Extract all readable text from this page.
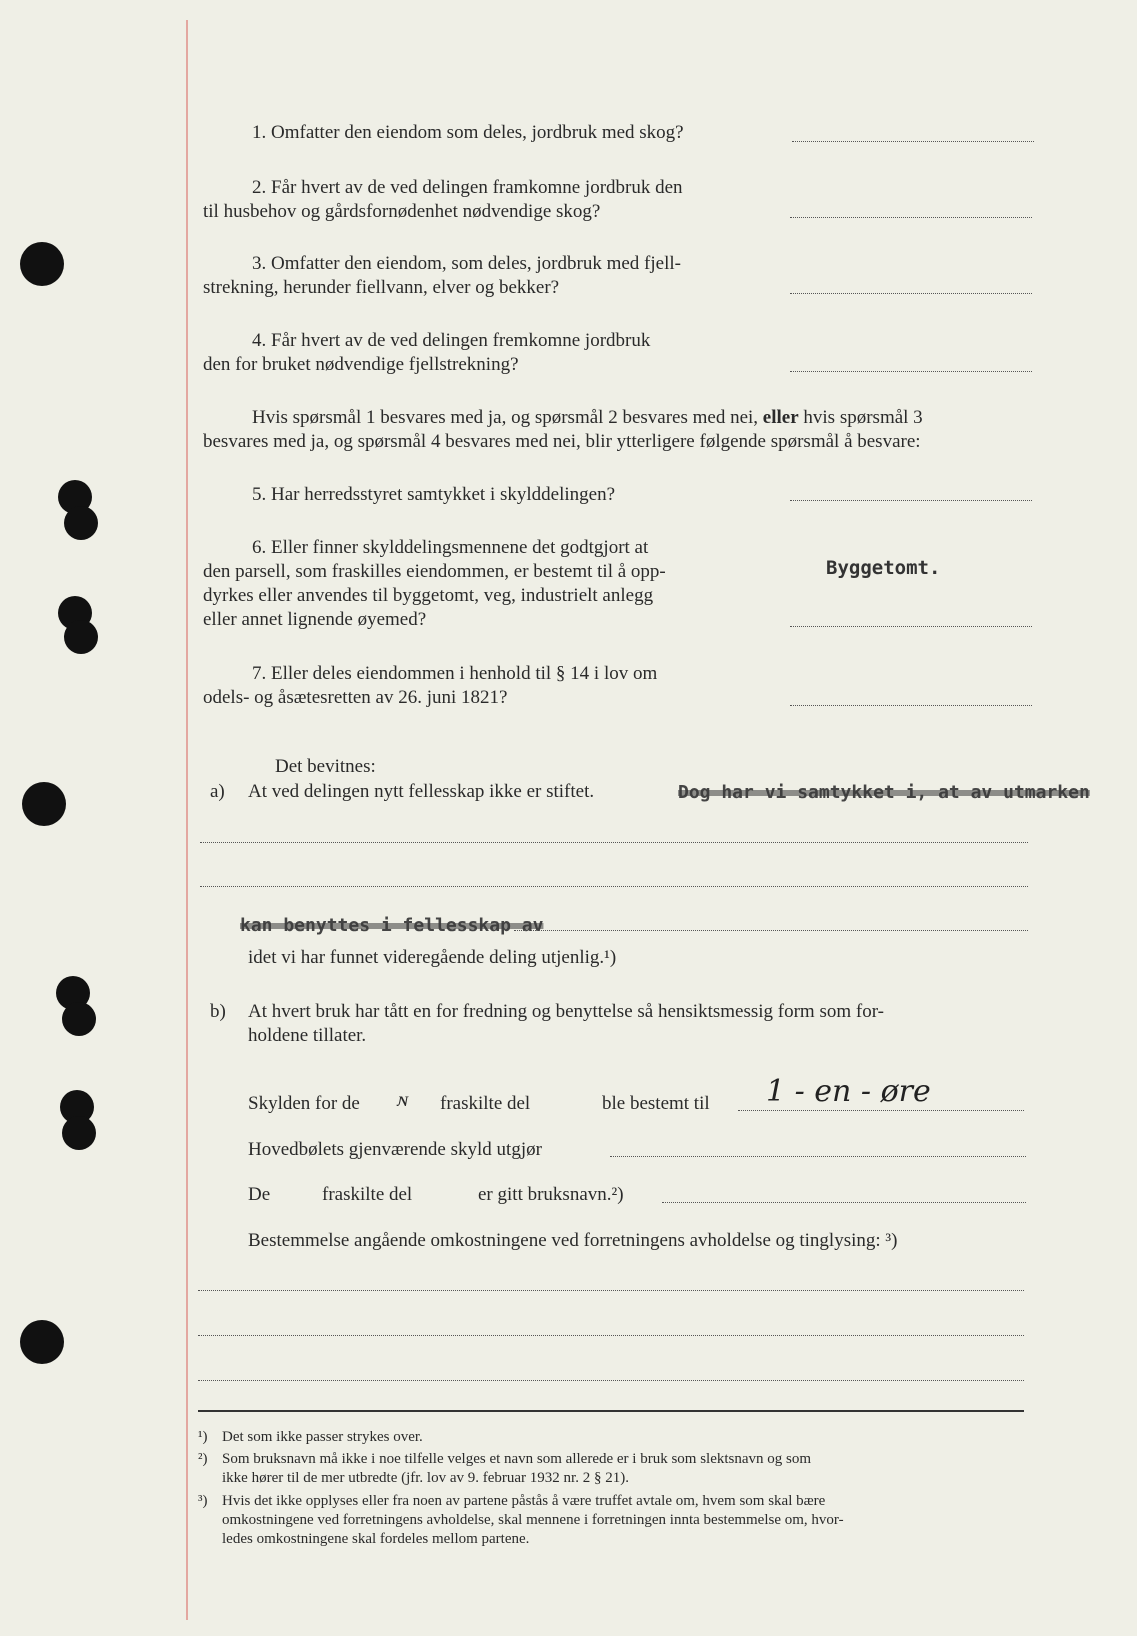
1. Omfatter den eiendom som deles, jordbruk med skog?
2. Får hvert av de ved delingen framkomne jordbruk den
til husbehov og gårdsfornødenhet nødvendige skog?
3. Omfatter den eiendom, som deles, jordbruk med fjell-
strekning, herunder fiellvann, elver og bekker?
4. Får hvert av de ved delingen fremkomne jordbruk
den for bruket nødvendige fjellstrekning?
Hvis spørsmål 1 besvares med ja, og spørsmål 2 besvares med nei, eller hvis spørsmål 3
besvares med ja, og spørsmål 4 besvares med nei, blir ytterligere følgende spørsmål å besvare:
5. Har herredsstyret samtykket i skylddelingen?
6. Eller finner skylddelingsmennene det godtgjort at
den parsell, som fraskilles eiendommen, er bestemt til å opp-
dyrkes eller anvendes til byggetomt, veg, industrielt anlegg
eller annet lignende øyemed?
Byggetomt.
7. Eller deles eiendommen i henhold til § 14 i lov om
odels- og åsætesretten av 26. juni 1821?
Det bevitnes:
a) At ved delingen nytt fellesskap ikke er stiftet.	Dog har vi samtykket i, at av utmarken
kan benyttes i fellesskap av
idet vi har funnet videregående deling utjenlig.¹)
b) At hvert bruk har tått en for fredning og benyttelse så hensiktsmessig form som for-
holdene tillater.
Skylden for de ɴ fraskilte del	ble bestemt til 1 - en - øre
Hovedbølets gjenværende skyld utgjør
De	fraskilte del	er gitt bruksnavn.²)
Bestemmelse angående omkostningene ved forretningens avholdelse og tinglysing: ³)
¹) Det som ikke passer strykes over.
²) Som bruksnavn må ikke i noe tilfelle velges et navn som allerede er i bruk som slektsnavn og som
ikke hører til de mer utbredte (jfr. lov av 9. februar 1932 nr. 2 § 21).
³) Hvis det ikke opplyses eller fra noen av partene påstås å være truffet avtale om, hvem som skal bære
omkostningene ved forretningens avholdelse, skal mennene i forretningen innta bestemmelse om, hvor-
ledes omkostningene skal fordeles mellom partene.
